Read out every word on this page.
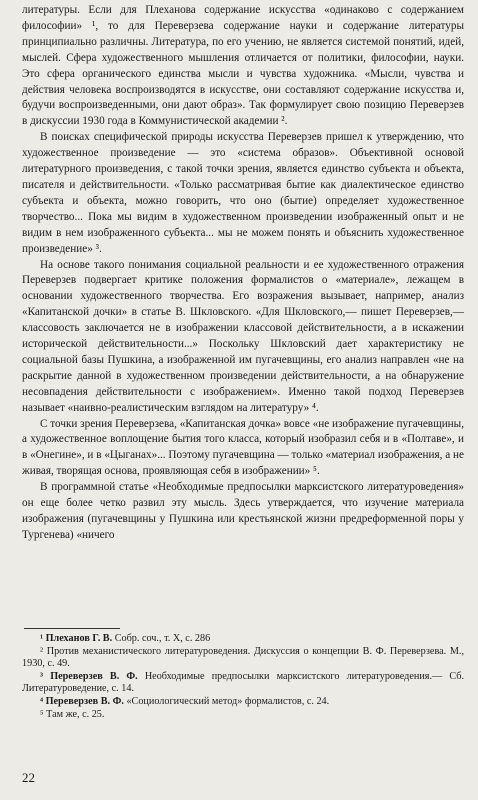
литературы. Если для Плеханова содержание искусства «одинаково с содержанием философии» ¹, то для Переверзева содержание науки и содержание литературы принципиально различны. Литература, по его учению, не является системой понятий, идей, мыслей. Сфера художественного мышления отличается от политики, философии, науки. Это сфера органического единства мысли и чувства художника. «Мысли, чувства и действия человека воспроизводятся в искусстве, они составляют содержание искусства и, будучи воспроизведенными, они дают образ». Так формулирует свою позицию Переверзев в дискуссии 1930 года в Коммунистической академии ².

В поисках специфической природы искусства Переверзев пришел к утверждению, что художественное произведение — это «система образов». Объективной основой литературного произведения, с такой точки зрения, является единство субъекта и объекта, писателя и действительности. «Только рассматривая бытие как диалектическое единство субъекта и объекта, можно говорить, что оно (бытие) определяет художественное творчество... Пока мы видим в художественном произведении изображенный опыт и не видим в нем изображенного субъекта... мы не можем понять и объяснить художественное произведение» ³.

На основе такого понимания социальной реальности и ее художественного отражения Переверзев подвергает критике положения формалистов о «материале», лежащем в основании художественного творчества. Его возражения вызывает, например, анализ «Капитанской дочки» в статье В. Шкловского. «Для Шкловского,— пишет Переверзев,— классовость заключается не в изображении классовой действительности, а в искажении исторической действительности...» Поскольку Шкловский дает характеристику не социальной базы Пушкина, а изображенной им пугачевщины, его анализ направлен «не на раскрытие данной в художественном произведении действительности, а на обнаружение несовпадения действительности с изображением». Именно такой подход Переверзев называет «наивно-реалистическим взглядом на литературу» ⁴.

С точки зрения Переверзева, «Капитанская дочка» вовсе «не изображение пугачевщины, а художественное воплощение бытия того класса, который изобразил себя и в «Полтаве», и в «Онегине», и в «Цыганах»... Поэтому пугачевщина — только «материал изображения, а не живая, творящая основа, проявляющая себя в изображении» ⁵.

В программной статье «Необходимые предпосылки марксистского литературоведения» он еще более четко развил эту мысль. Здесь утверждается, что изучение материала изображения (пугачевщины у Пушкина или крестьянской жизни предреформенной поры у Тургенева) «ничего

¹ Плеханов Г. В. Собр. соч., т. X, с. 286

² Против механистического литературоведения. Дискуссия о концепции В. Ф. Переверзева. М., 1930, с. 49.

³ Переверзев В. Ф. Необходимые предпосылки марксистского литературоведения.— Сб. Литературоведение, с. 14.

⁴ Переверзев В. Ф. «Социологический метод» формалистов, с. 24.

⁵ Там же, с. 25.

22
